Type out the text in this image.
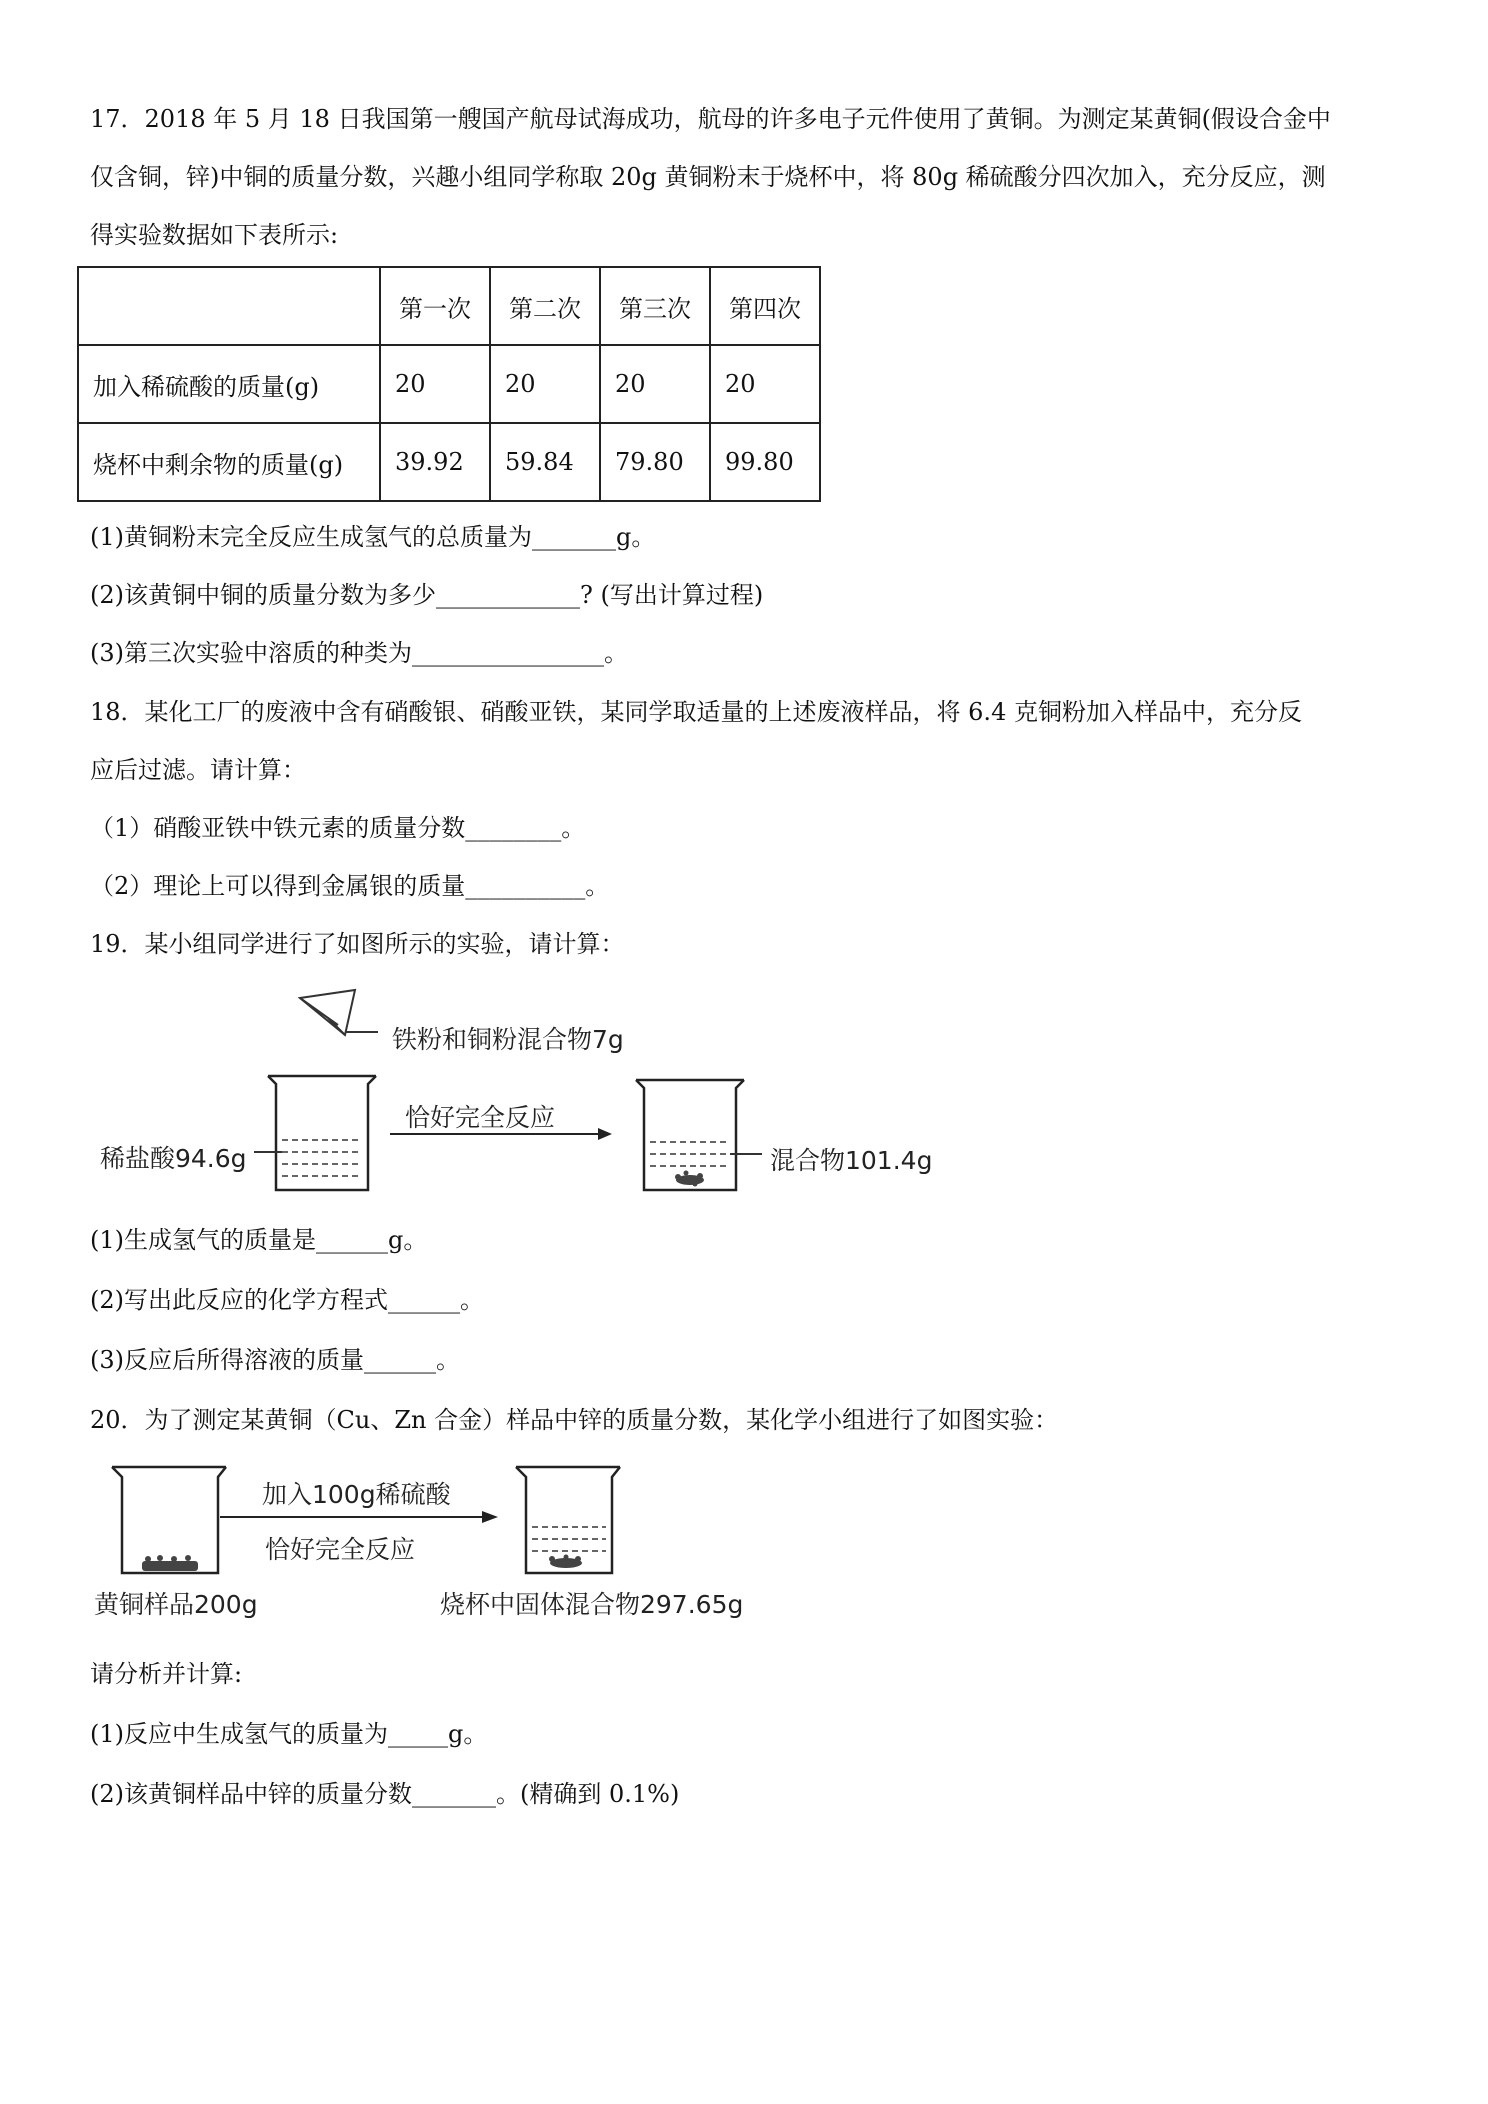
17．2018 年 5 月 18 日我国第一艘国产航母试海成功，航母的许多电子元件使用了黄铜。为测定某黄铜(假设合金中
仅含铜，锌)中铜的质量分数，兴趣小组同学称取 20g 黄铜粉末于烧杯中，将 80g 稀硫酸分四次加入，充分反应，测
得实验数据如下表所示:
	第一次	第二次	第三次	第四次
加入稀硫酸的质量(g)	20	20	20	20
烧杯中剩余物的质量(g)	39.92	59.84	79.80	99.80
(1)黄铜粉末完全反应生成氢气的总质量为_______g。
(2)该黄铜中铜的质量分数为多少____________? (写出计算过程)
(3)第三次实验中溶质的种类为________________。
18．某化工厂的废液中含有硝酸银、硝酸亚铁，某同学取适量的上述废液样品，将 6.4 克铜粉加入样品中，充分反
应后过滤。请计算：
（1）硝酸亚铁中铁元素的质量分数________。
（2）理论上可以得到金属银的质量__________。
19．某小组同学进行了如图所示的实验，请计算：
铁粉和铜粉混合物7g
稀盐酸94.6g
恰好完全反应
混合物101.4g
(1)生成氢气的质量是______g。
(2)写出此反应的化学方程式______。
(3)反应后所得溶液的质量______。
20．为了测定某黄铜（Cu、Zn 合金）样品中锌的质量分数，某化学小组进行了如图实验：
加入100g稀硫酸
恰好完全反应
黄铜样品200g	烧杯中固体混合物297.65g
请分析并计算:
(1)反应中生成氢气的质量为_____g。
(2)该黄铜样品中锌的质量分数_______。(精确到 0.1%)
